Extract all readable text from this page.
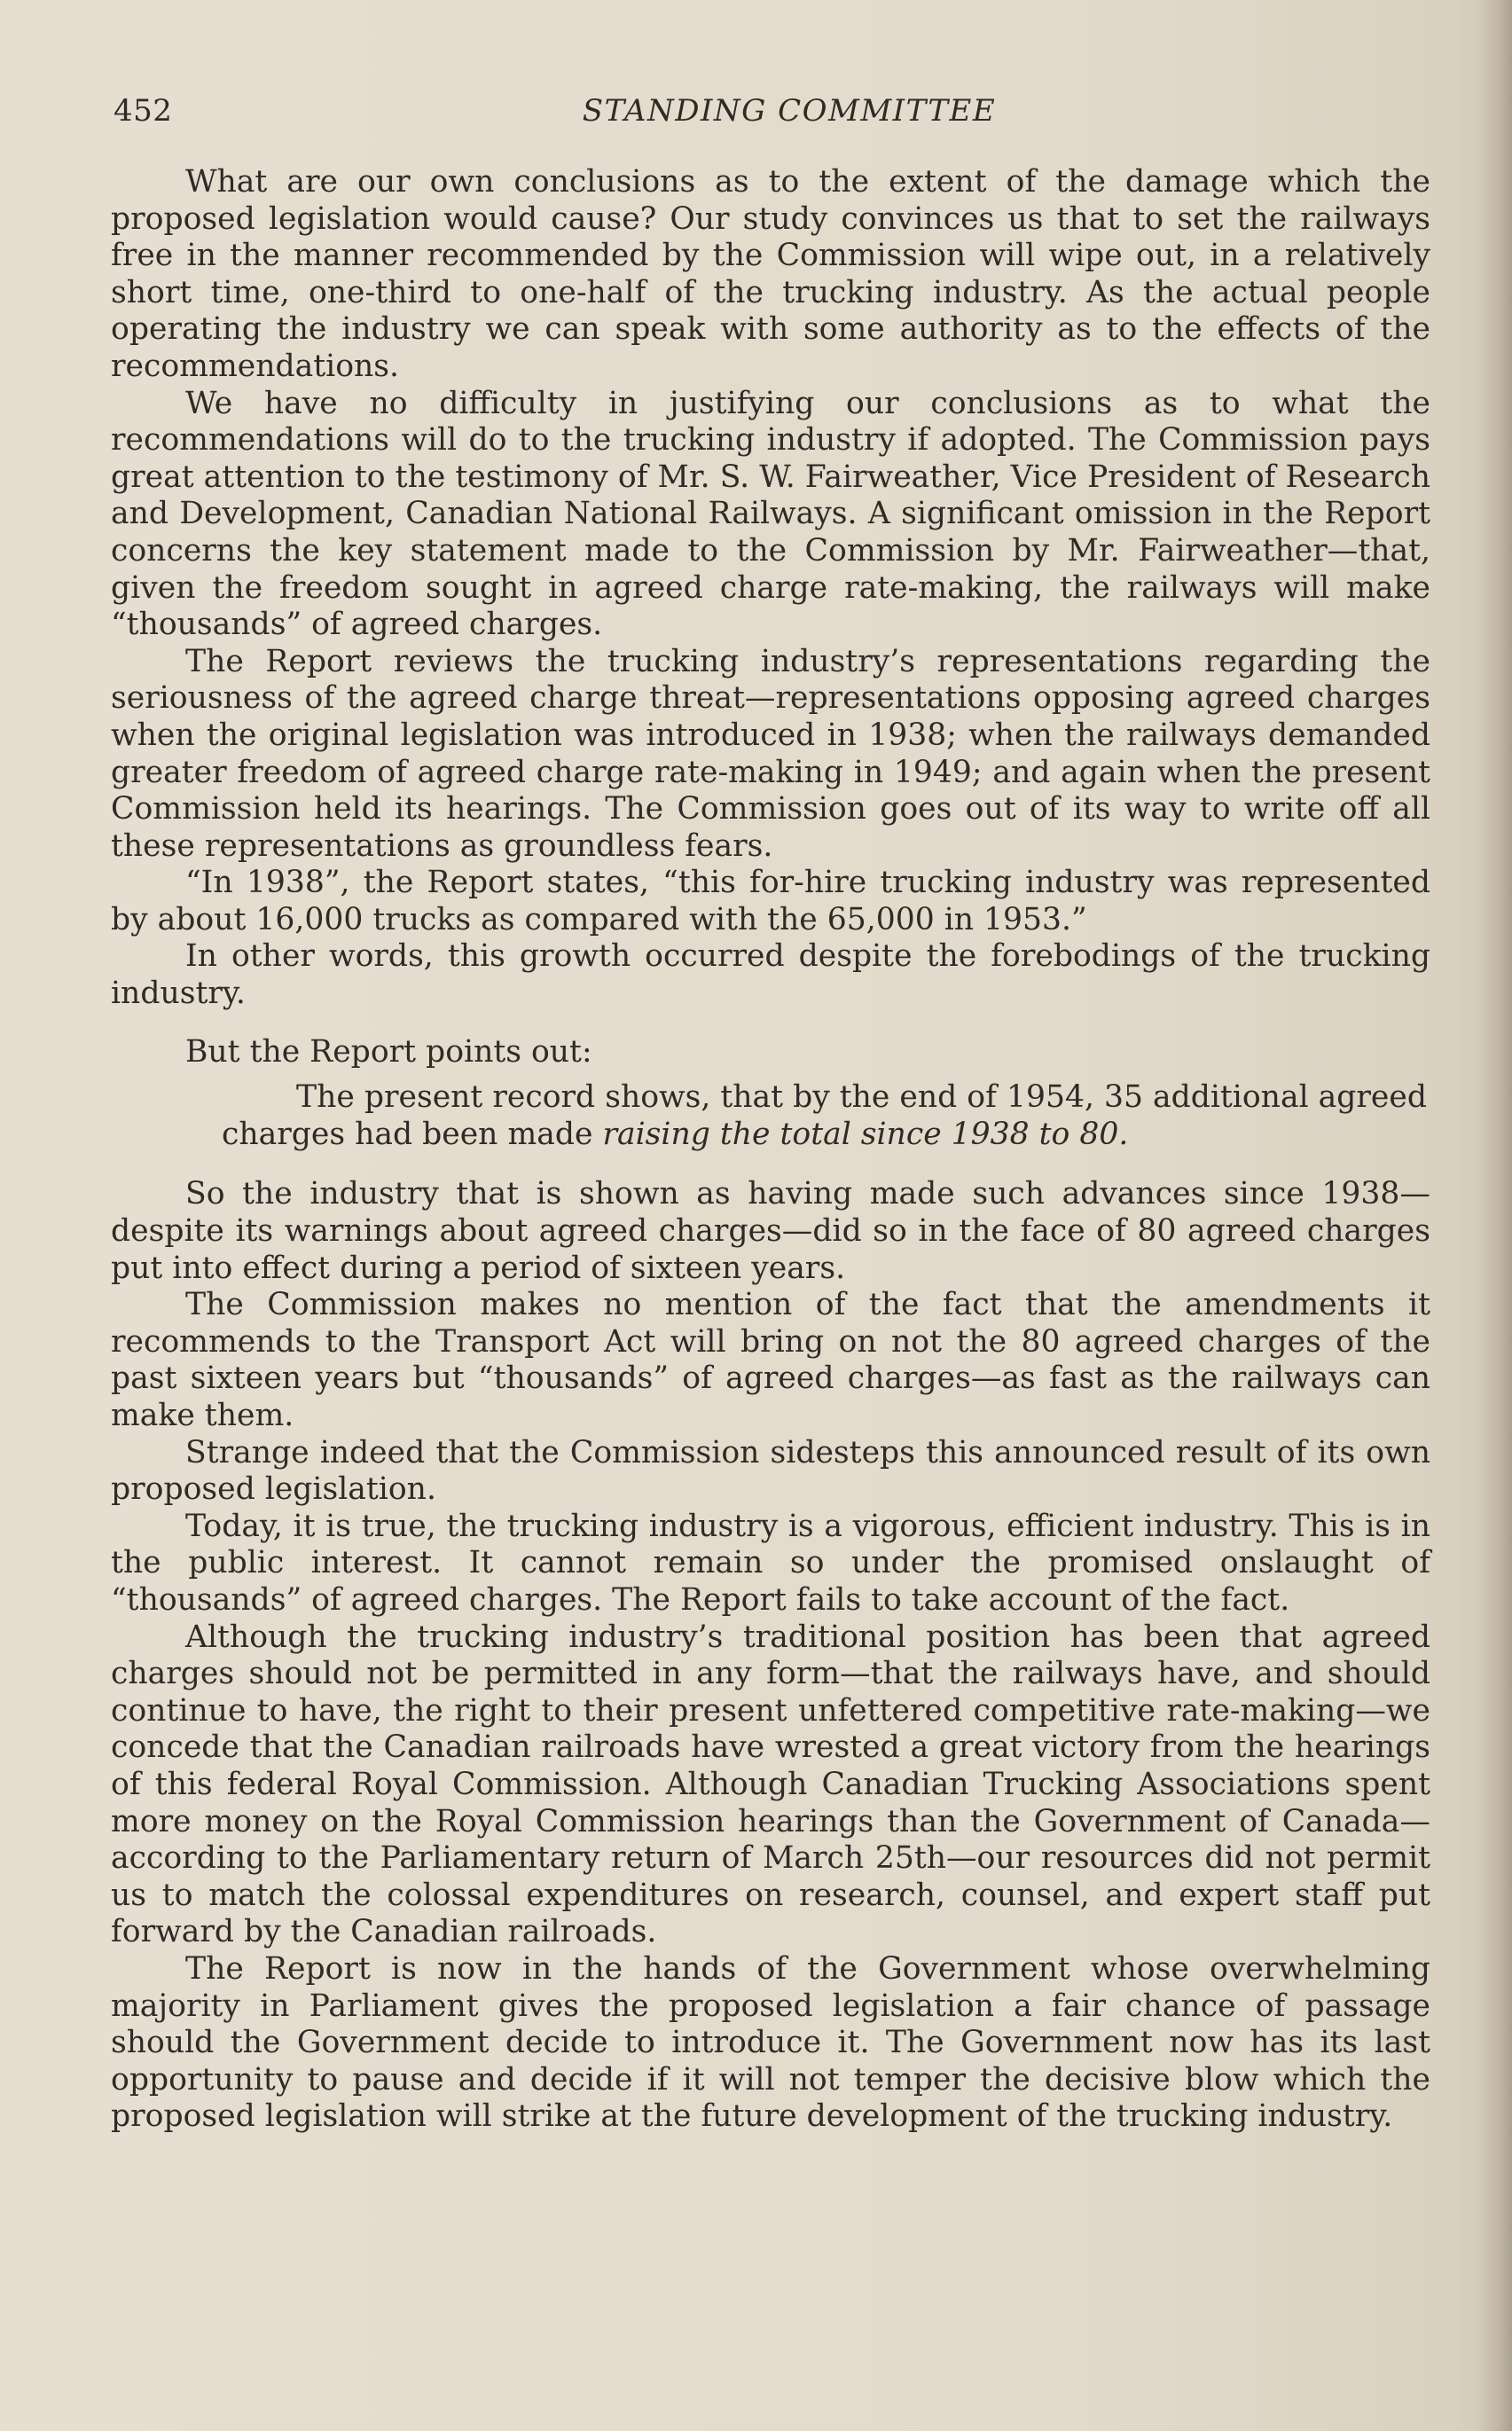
452	STANDING COMMITTEE

What are our own conclusions as to the extent of the damage which the proposed legislation would cause? Our study convinces us that to set the railways free in the manner recommended by the Commission will wipe out, in a relatively short time, one-third to one-half of the trucking industry. As the actual people operating the industry we can speak with some authority as to the effects of the recommendations.

We have no difficulty in justifying our conclusions as to what the recommendations will do to the trucking industry if adopted. The Commission pays great attention to the testimony of Mr. S. W. Fairweather, Vice President of Research and Development, Canadian National Railways. A significant omission in the Report concerns the key statement made to the Commission by Mr. Fairweather—that, given the freedom sought in agreed charge rate-making, the railways will make “thousands” of agreed charges.

The Report reviews the trucking industry’s representations regarding the seriousness of the agreed charge threat—representations opposing agreed charges when the original legislation was introduced in 1938; when the railways demanded greater freedom of agreed charge rate-making in 1949; and again when the present Commission held its hearings. The Commission goes out of its way to write off all these representations as groundless fears.

“In 1938”, the Report states, “this for-hire trucking industry was represented by about 16,000 trucks as compared with the 65,000 in 1953.”

In other words, this growth occurred despite the forebodings of the trucking industry.

But the Report points out:

The present record shows, that by the end of 1954, 35 additional agreed charges had been made raising the total since 1938 to 80.

So the industry that is shown as having made such advances since 1938—despite its warnings about agreed charges—did so in the face of 80 agreed charges put into effect during a period of sixteen years.

The Commission makes no mention of the fact that the amendments it recommends to the Transport Act will bring on not the 80 agreed charges of the past sixteen years but “thousands” of agreed charges—as fast as the railways can make them.

Strange indeed that the Commission sidesteps this announced result of its own proposed legislation.

Today, it is true, the trucking industry is a vigorous, efficient industry. This is in the public interest. It cannot remain so under the promised onslaught of “thousands” of agreed charges. The Report fails to take account of the fact.

Although the trucking industry’s traditional position has been that agreed charges should not be permitted in any form—that the railways have, and should continue to have, the right to their present unfettered competitive rate-making—we concede that the Canadian railroads have wrested a great victory from the hearings of this federal Royal Commission. Although Canadian Trucking Associations spent more money on the Royal Commission hearings than the Government of Canada—according to the Parliamentary return of March 25th—our resources did not permit us to match the colossal expenditures on research, counsel, and expert staff put forward by the Canadian railroads.

The Report is now in the hands of the Government whose overwhelming majority in Parliament gives the proposed legislation a fair chance of passage should the Government decide to introduce it. The Government now has its last opportunity to pause and decide if it will not temper the decisive blow which the proposed legislation will strike at the future development of the trucking industry.
